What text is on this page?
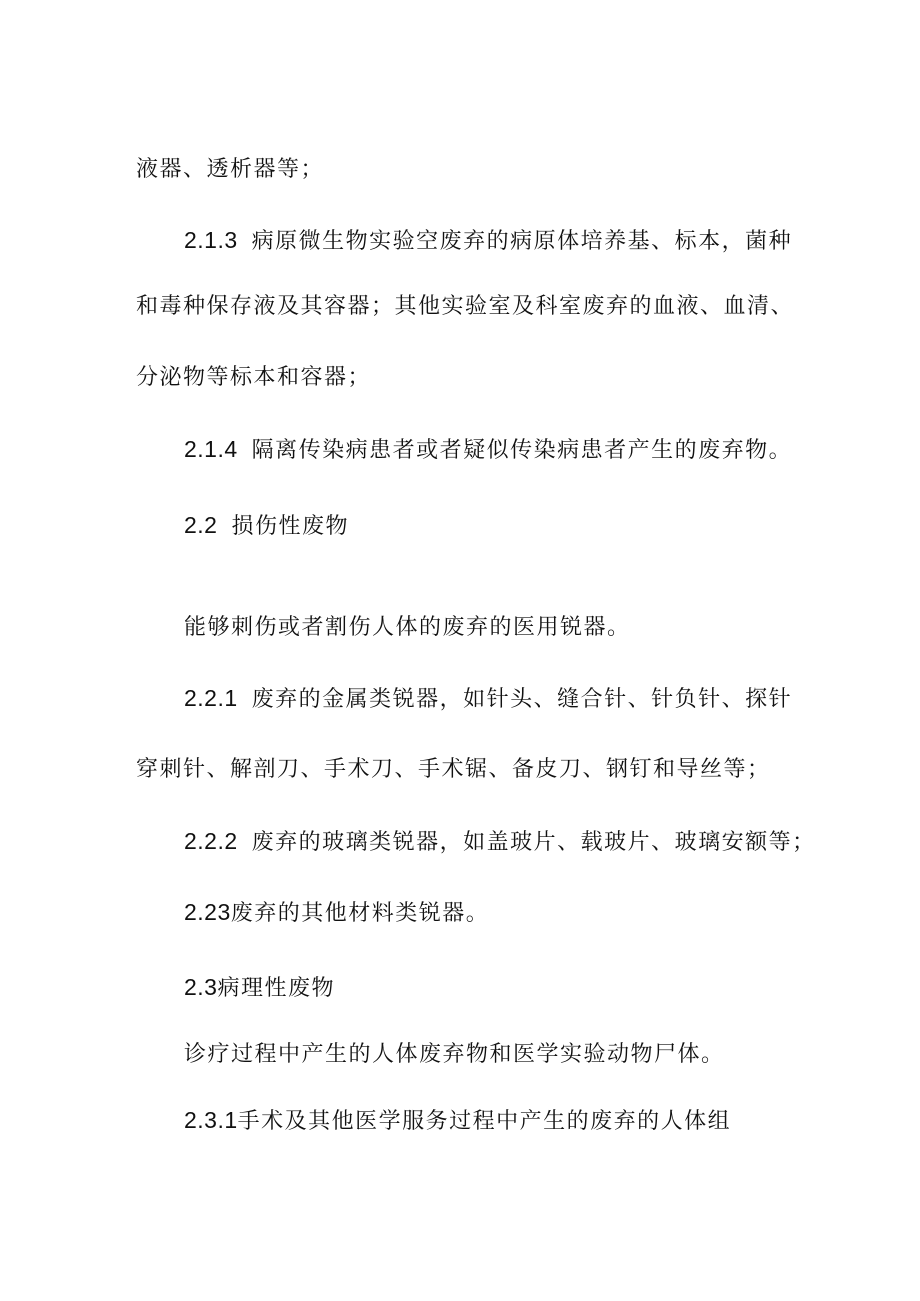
液器、透析器等；
2.1.3 病原微生物实验空废弃的病原体培养基、标本，菌种
和毒种保存液及其容器；其他实验室及科室废弃的血液、血清、
分泌物等标本和容器；
2.1.4 隔离传染病患者或者疑似传染病患者产生的废弃物。
2.2 损伤性废物
能够刺伤或者割伤人体的废弃的医用锐器。
2.2.1 废弃的金属类锐器，如针头、缝合针、针负针、探针
穿刺针、解剖刀、手术刀、手术锯、备皮刀、钢钉和导丝等；
2.2.2 废弃的玻璃类锐器，如盖玻片、载玻片、玻璃安额等；
2.23废弃的其他材料类锐器。
2.3病理性废物
诊疗过程中产生的人体废弃物和医学实验动物尸体。
2.3.1手术及其他医学服务过程中产生的废弃的人体组
